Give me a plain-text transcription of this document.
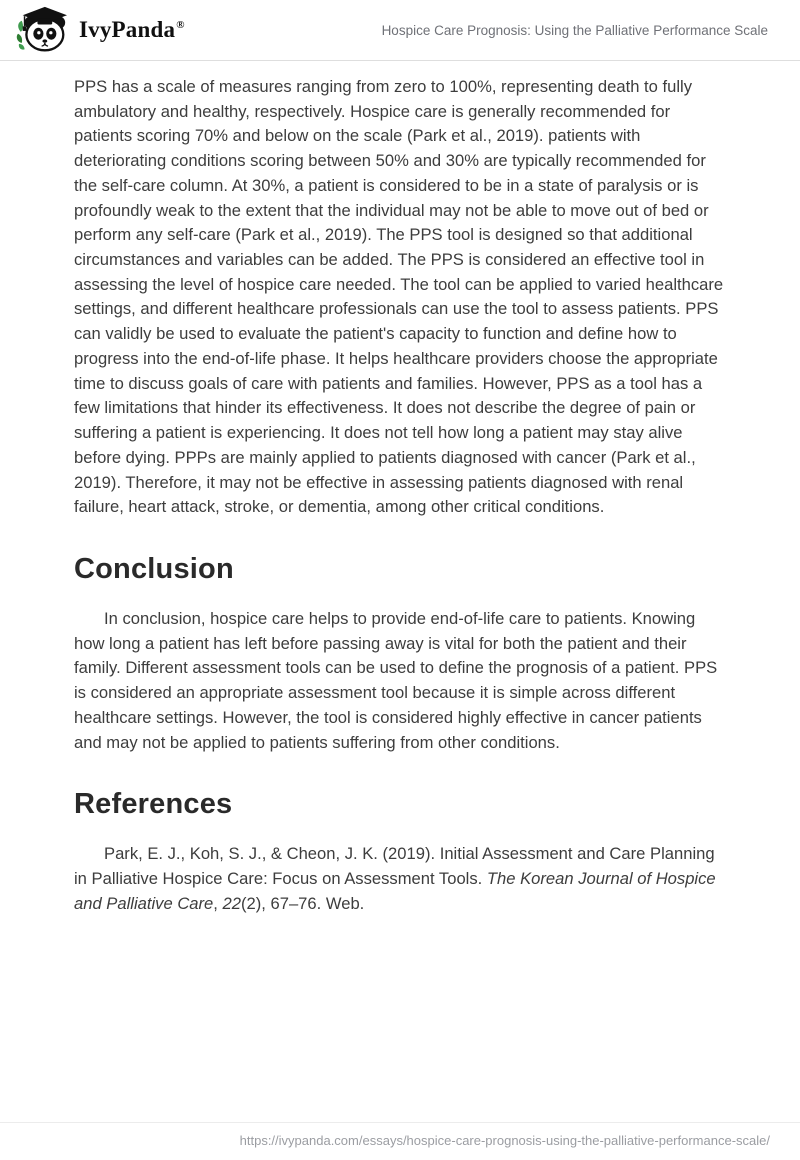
IvyPanda®	Hospice Care Prognosis: Using the Palliative Performance Scale

PPS has a scale of measures ranging from zero to 100%, representing death to fully ambulatory and healthy, respectively. Hospice care is generally recommended for patients scoring 70% and below on the scale (Park et al., 2019). patients with deteriorating conditions scoring between 50% and 30% are typically recommended for the self-care column. At 30%, a patient is considered to be in a state of paralysis or is profoundly weak to the extent that the individual may not be able to move out of bed or perform any self-care (Park et al., 2019). The PPS tool is designed so that additional circumstances and variables can be added. The PPS is considered an effective tool in assessing the level of hospice care needed. The tool can be applied to varied healthcare settings, and different healthcare professionals can use the tool to assess patients. PPS can validly be used to evaluate the patient's capacity to function and define how to progress into the end-of-life phase. It helps healthcare providers choose the appropriate time to discuss goals of care with patients and families. However, PPS as a tool has a few limitations that hinder its effectiveness. It does not describe the degree of pain or suffering a patient is experiencing. It does not tell how long a patient may stay alive before dying. PPPs are mainly applied to patients diagnosed with cancer (Park et al., 2019). Therefore, it may not be effective in assessing patients diagnosed with renal failure, heart attack, stroke, or dementia, among other critical conditions.

Conclusion

In conclusion, hospice care helps to provide end-of-life care to patients. Knowing how long a patient has left before passing away is vital for both the patient and their family. Different assessment tools can be used to define the prognosis of a patient. PPS is considered an appropriate assessment tool because it is simple across different healthcare settings. However, the tool is considered highly effective in cancer patients and may not be applied to patients suffering from other conditions.

References

Park, E. J., Koh, S. J., & Cheon, J. K. (2019). Initial Assessment and Care Planning in Palliative Hospice Care: Focus on Assessment Tools. The Korean Journal of Hospice and Palliative Care, 22(2), 67–76. Web.

https://ivypanda.com/essays/hospice-care-prognosis-using-the-palliative-performance-scale/
